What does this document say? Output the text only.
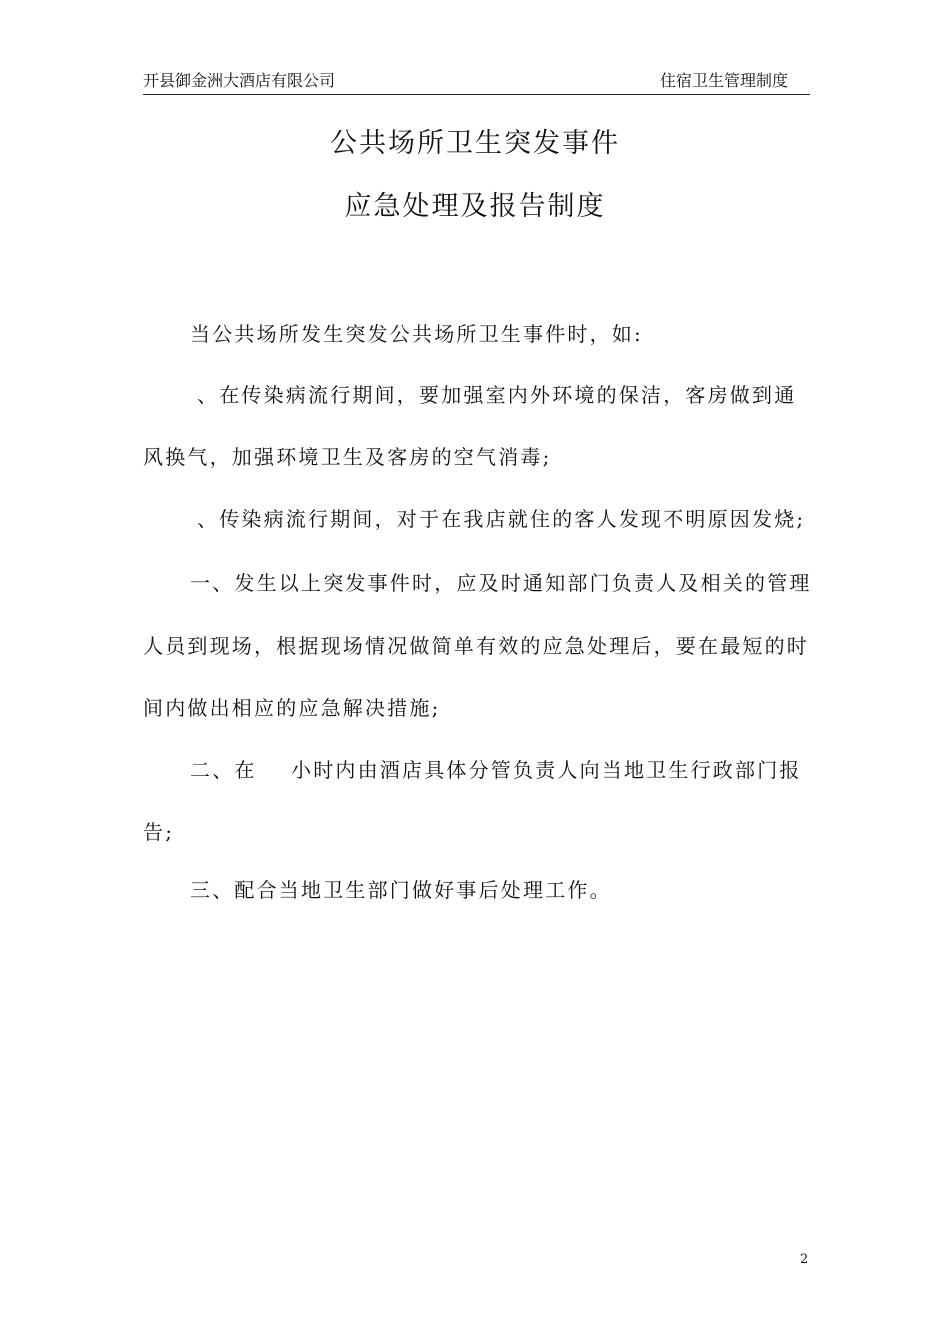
开县御金洲大酒店有限公司	住宿卫生管理制度
公共场所卫生突发事件
应急处理及报告制度
当公共场所发生突发公共场所卫生事件时，如:
、在传染病流行期间，要加强室内外环境的保洁，客房做到通
风换气，加强环境卫生及客房的空气消毒;
、传染病流行期间，对于在我店就住的客人发现不明原因发烧;
一、发生以上突发事件时，应及时通知部门负责人及相关的管理
人员到现场，根据现场情况做简单有效的应急处理后，要在最短的时
间内做出相应的应急解决措施;
二、在 小时内由酒店具体分管负责人向当地卫生行政部门报
告;
三、配合当地卫生部门做好事后处理工作。
2
